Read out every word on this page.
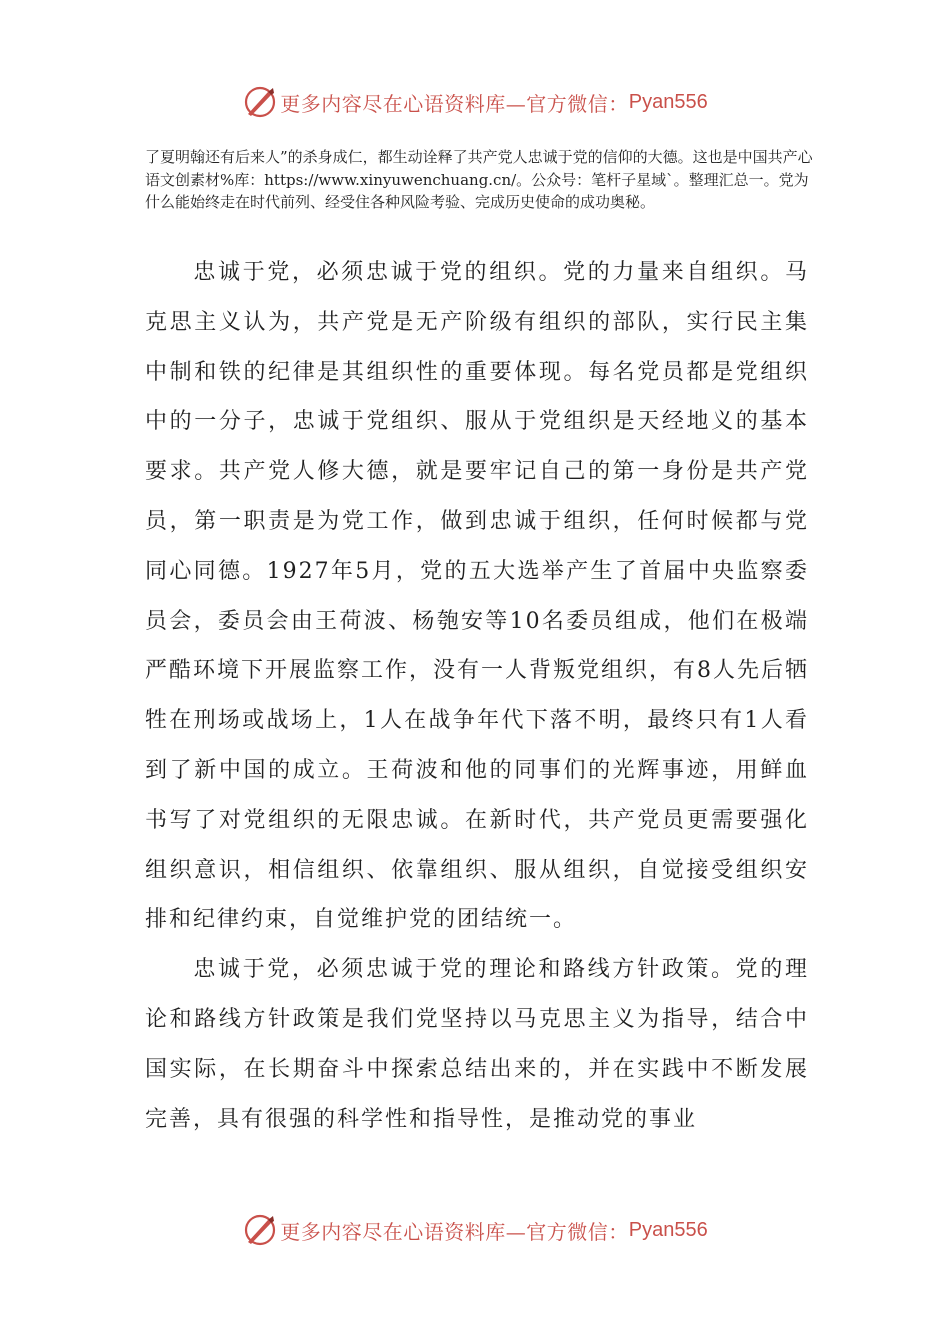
更多内容尽在心语资料库—官方微信： Pyan556

了夏明翰还有后来人”的杀身成仁，都生动诠释了共产党人忠诚于党的信仰的大德。这也是中国共产心语文创素材%库：https://www.xinyuwenchuang.cn/。公众号：笔杆子星域`。整理汇总一。党为什么能始终走在时代前列、经受住各种风险考验、完成历史使命的成功奥秘。

忠诚于党，必须忠诚于党的组织。党的力量来自组织。马克思主义认为，共产党是无产阶级有组织的部队，实行民主集中制和铁的纪律是其组织性的重要体现。每名党员都是党组织中的一分子，忠诚于党组织、服从于党组织是天经地义的基本要求。共产党人修大德，就是要牢记自己的第一身份是共产党员，第一职责是为党工作，做到忠诚于组织，任何时候都与党同心同德。1927年5月，党的五大选举产生了首届中央监察委员会，委员会由王荷波、杨匏安等10名委员组成，他们在极端严酷环境下开展监察工作，没有一人背叛党组织，有8人先后牺牲在刑场或战场上，1人在战争年代下落不明，最终只有1人看到了新中国的成立。王荷波和他的同事们的光辉事迹，用鲜血书写了对党组织的无限忠诚。在新时代，共产党员更需要强化组织意识，相信组织、依靠组织、服从组织，自觉接受组织安排和纪律约束，自觉维护党的团结统一。

忠诚于党，必须忠诚于党的理论和路线方针政策。党的理论和路线方针政策是我们党坚持以马克思主义为指导，结合中国实际，在长期奋斗中探索总结出来的，并在实践中不断发展完善，具有很强的科学性和指导性，是推动党的事业

更多内容尽在心语资料库—官方微信： Pyan556
